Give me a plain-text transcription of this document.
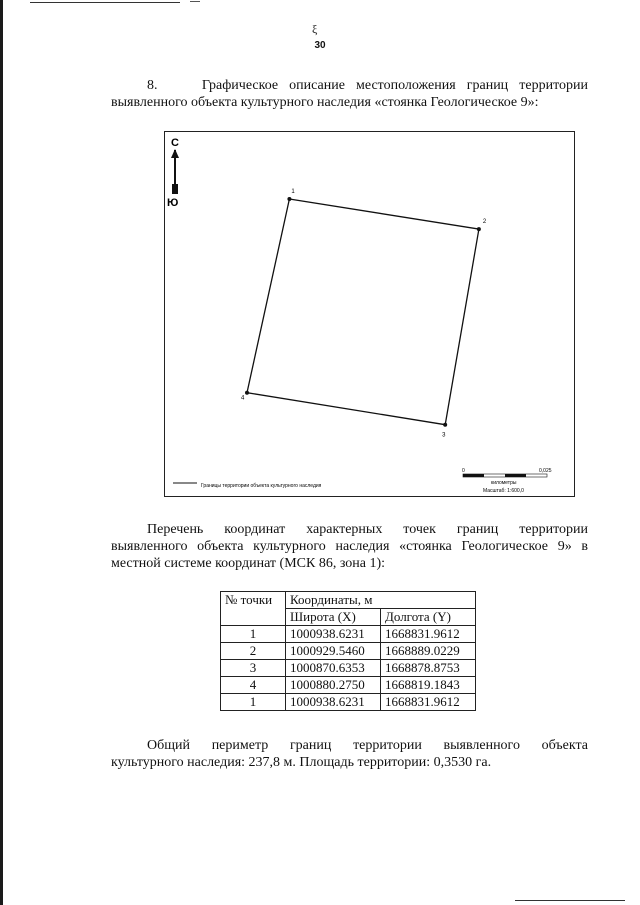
ξ
30
8.	Графическое описание местоположения границ территории
выявленного объекта культурного наследия «стоянка Геологическое 9»:
С
Ю
1
2
3
4
Границы территории объекта культурного наследия
0	0,025
километры
Масштаб: 1:600,0
Перечень координат характерных точек границ территории
выявленного объекта культурного наследия «стоянка Геологическое 9» в
местной системе координат (МСК 86, зона 1):
№ точки	Координаты, м	
	Широта (X)	Долгота (Y)
1	1000938.6231	1668831.9612
2	1000929.5460	1668889.0229
3	1000870.6353	1668878.8753
4	1000880.2750	1668819.1843
1	1000938.6231	1668831.9612
Общий периметр границ территории выявленного объекта
культурного наследия: 237,8 м. Площадь территории: 0,3530 га.
